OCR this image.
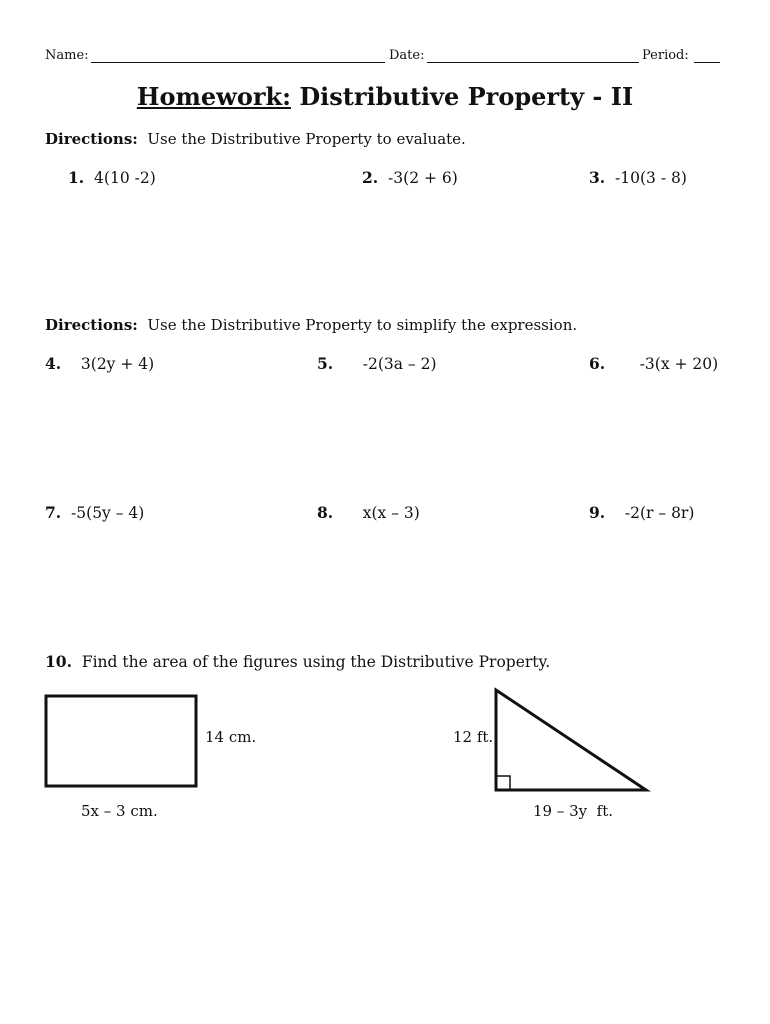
Name:	Date:	Period:
Homework: Distributive Property - II
Directions: Use the Distributive Property to evaluate.
1. 4(10 -2)	2. -3(2 + 6)	3. -10(3 - 8)
Directions: Use the Distributive Property to simplify the expression.
4. 3(2y + 4)	5. -2(3a – 2)	6. -3(x + 20)
7. -5(5y – 4)	8. x(x – 3)	9. -2(r – 8r)
10. Find the area of the figures using the Distributive Property.
14 cm.
5x – 3 cm.
12 ft.
19 – 3y  ft.
